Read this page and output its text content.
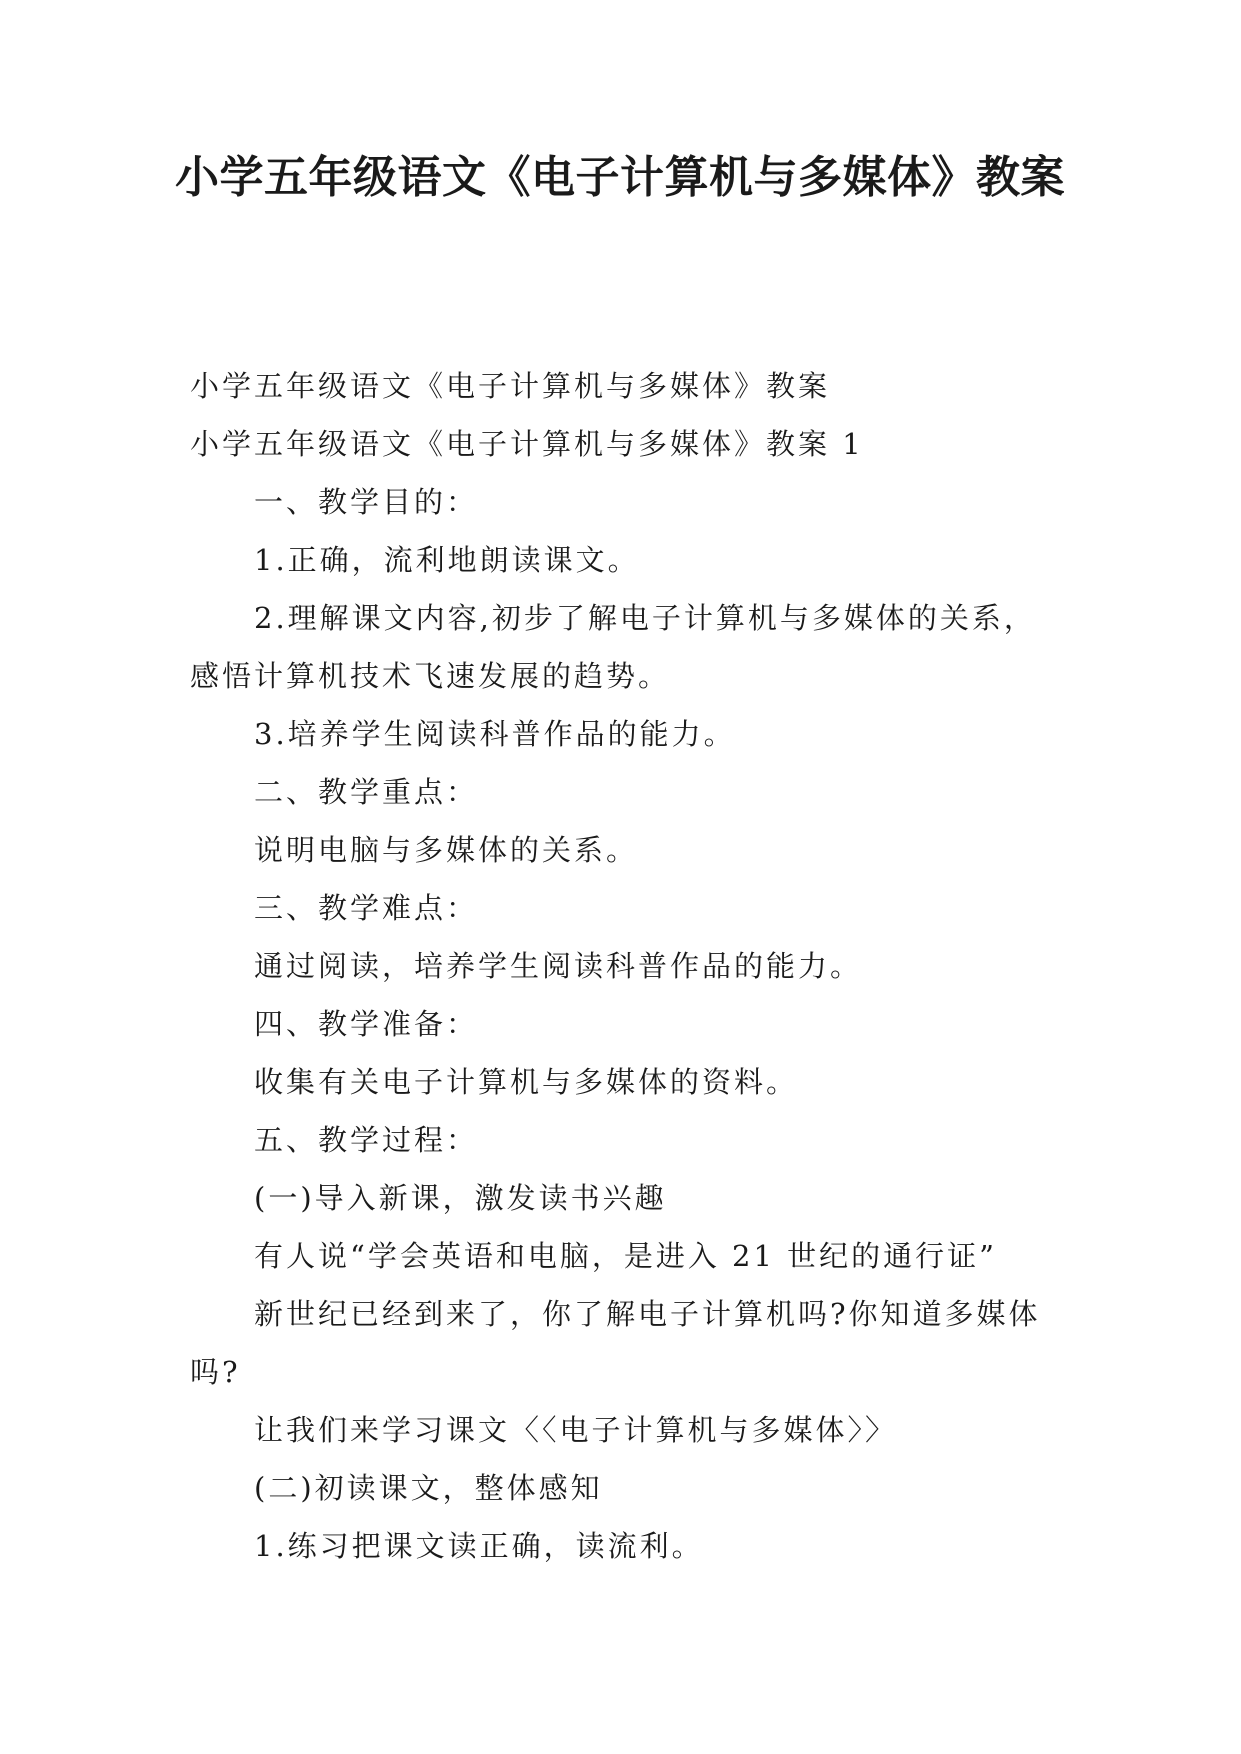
小学五年级语文《电子计算机与多媒体》教案

小学五年级语文《电子计算机与多媒体》教案

小学五年级语文《电子计算机与多媒体》教案 1

一、教学目的：

1.正确，流利地朗读课文。

2.理解课文内容,初步了解电子计算机与多媒体的关系，感悟计算机技术飞速发展的趋势。

3.培养学生阅读科普作品的能力。

二、教学重点：

说明电脑与多媒体的关系。

三、教学难点：

通过阅读，培养学生阅读科普作品的能力。

四、教学准备：

收集有关电子计算机与多媒体的资料。

五、教学过程：

(一)导入新课，激发读书兴趣

有人说“学会英语和电脑，是进入 21 世纪的通行证”

新世纪已经到来了，你了解电子计算机吗?你知道多媒体吗?

让我们来学习课文〈〈电子计算机与多媒体〉〉

(二)初读课文，整体感知

1.练习把课文读正确，读流利。
